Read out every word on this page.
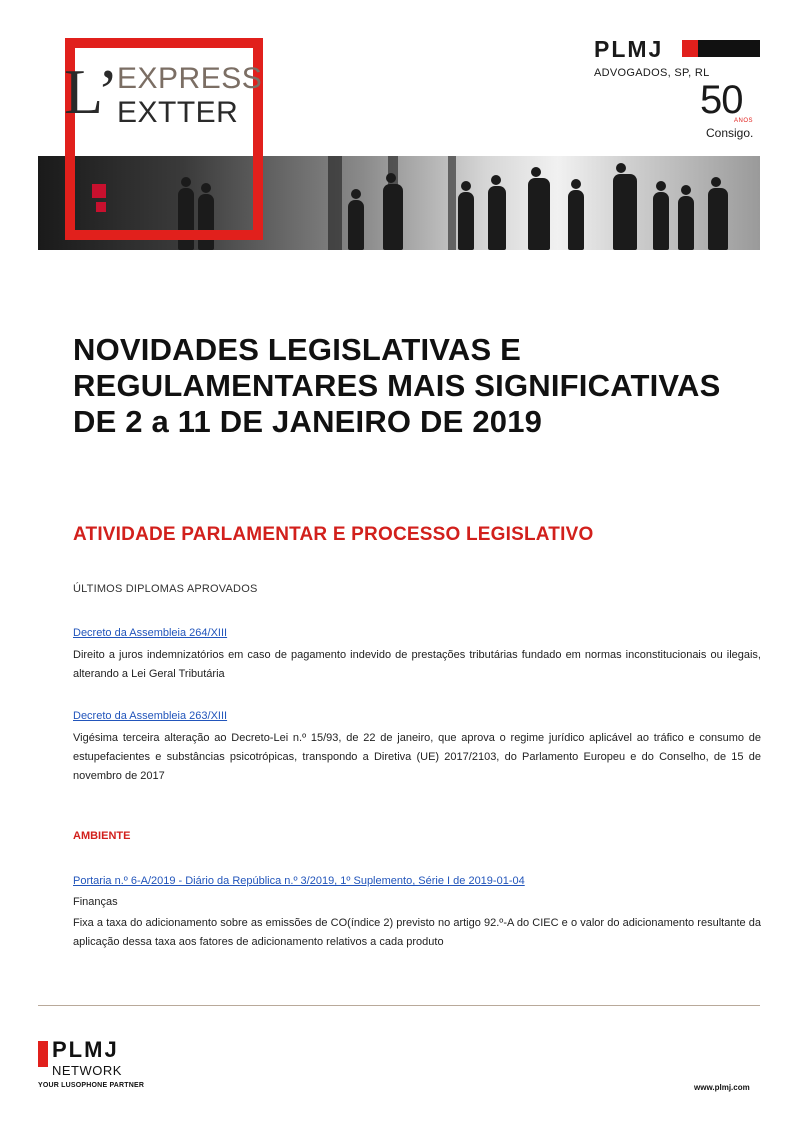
L’
EXPRESS
EXTTER
PLMJ
ADVOGADOS, SP, RL
50
ANOS
Consigo.
NOVIDADES LEGISLATIVAS E REGULAMENTARES MAIS SIGNIFICATIVAS DE 2 a 11 DE JANEIRO DE 2019
ATIVIDADE PARLAMENTAR E PROCESSO LEGISLATIVO
ÚLTIMOS DIPLOMAS APROVADOS
Decreto da Assembleia 264/XIII
Direito a juros indemnizatórios em caso de pagamento indevido de prestações tributárias fundado em normas inconstitucionais ou ilegais, alterando a Lei Geral Tributária
Decreto da Assembleia 263/XIII
Vigésima terceira alteração ao Decreto-Lei n.º 15/93, de 22 de janeiro, que aprova o regime jurídico aplicável ao tráfico e consumo de estupefacientes e substâncias psicotrópicas, transpondo a Diretiva (UE) 2017/2103, do Parlamento Europeu e do Conselho, de 15 de novembro de 2017
AMBIENTE
Portaria n.º 6-A/2019 - Diário da República n.º 3/2019, 1º Suplemento, Série I de 2019-01-04
Finanças
Fixa a taxa do adicionamento sobre as emissões de CO(índice 2) previsto no artigo 92.º-A do CIEC e o valor do adicionamento resultante da aplicação dessa taxa aos fatores de adicionamento relativos a cada produto
PLMJ
NETWORK
YOUR LUSOPHONE PARTNER	www.plmj.com
